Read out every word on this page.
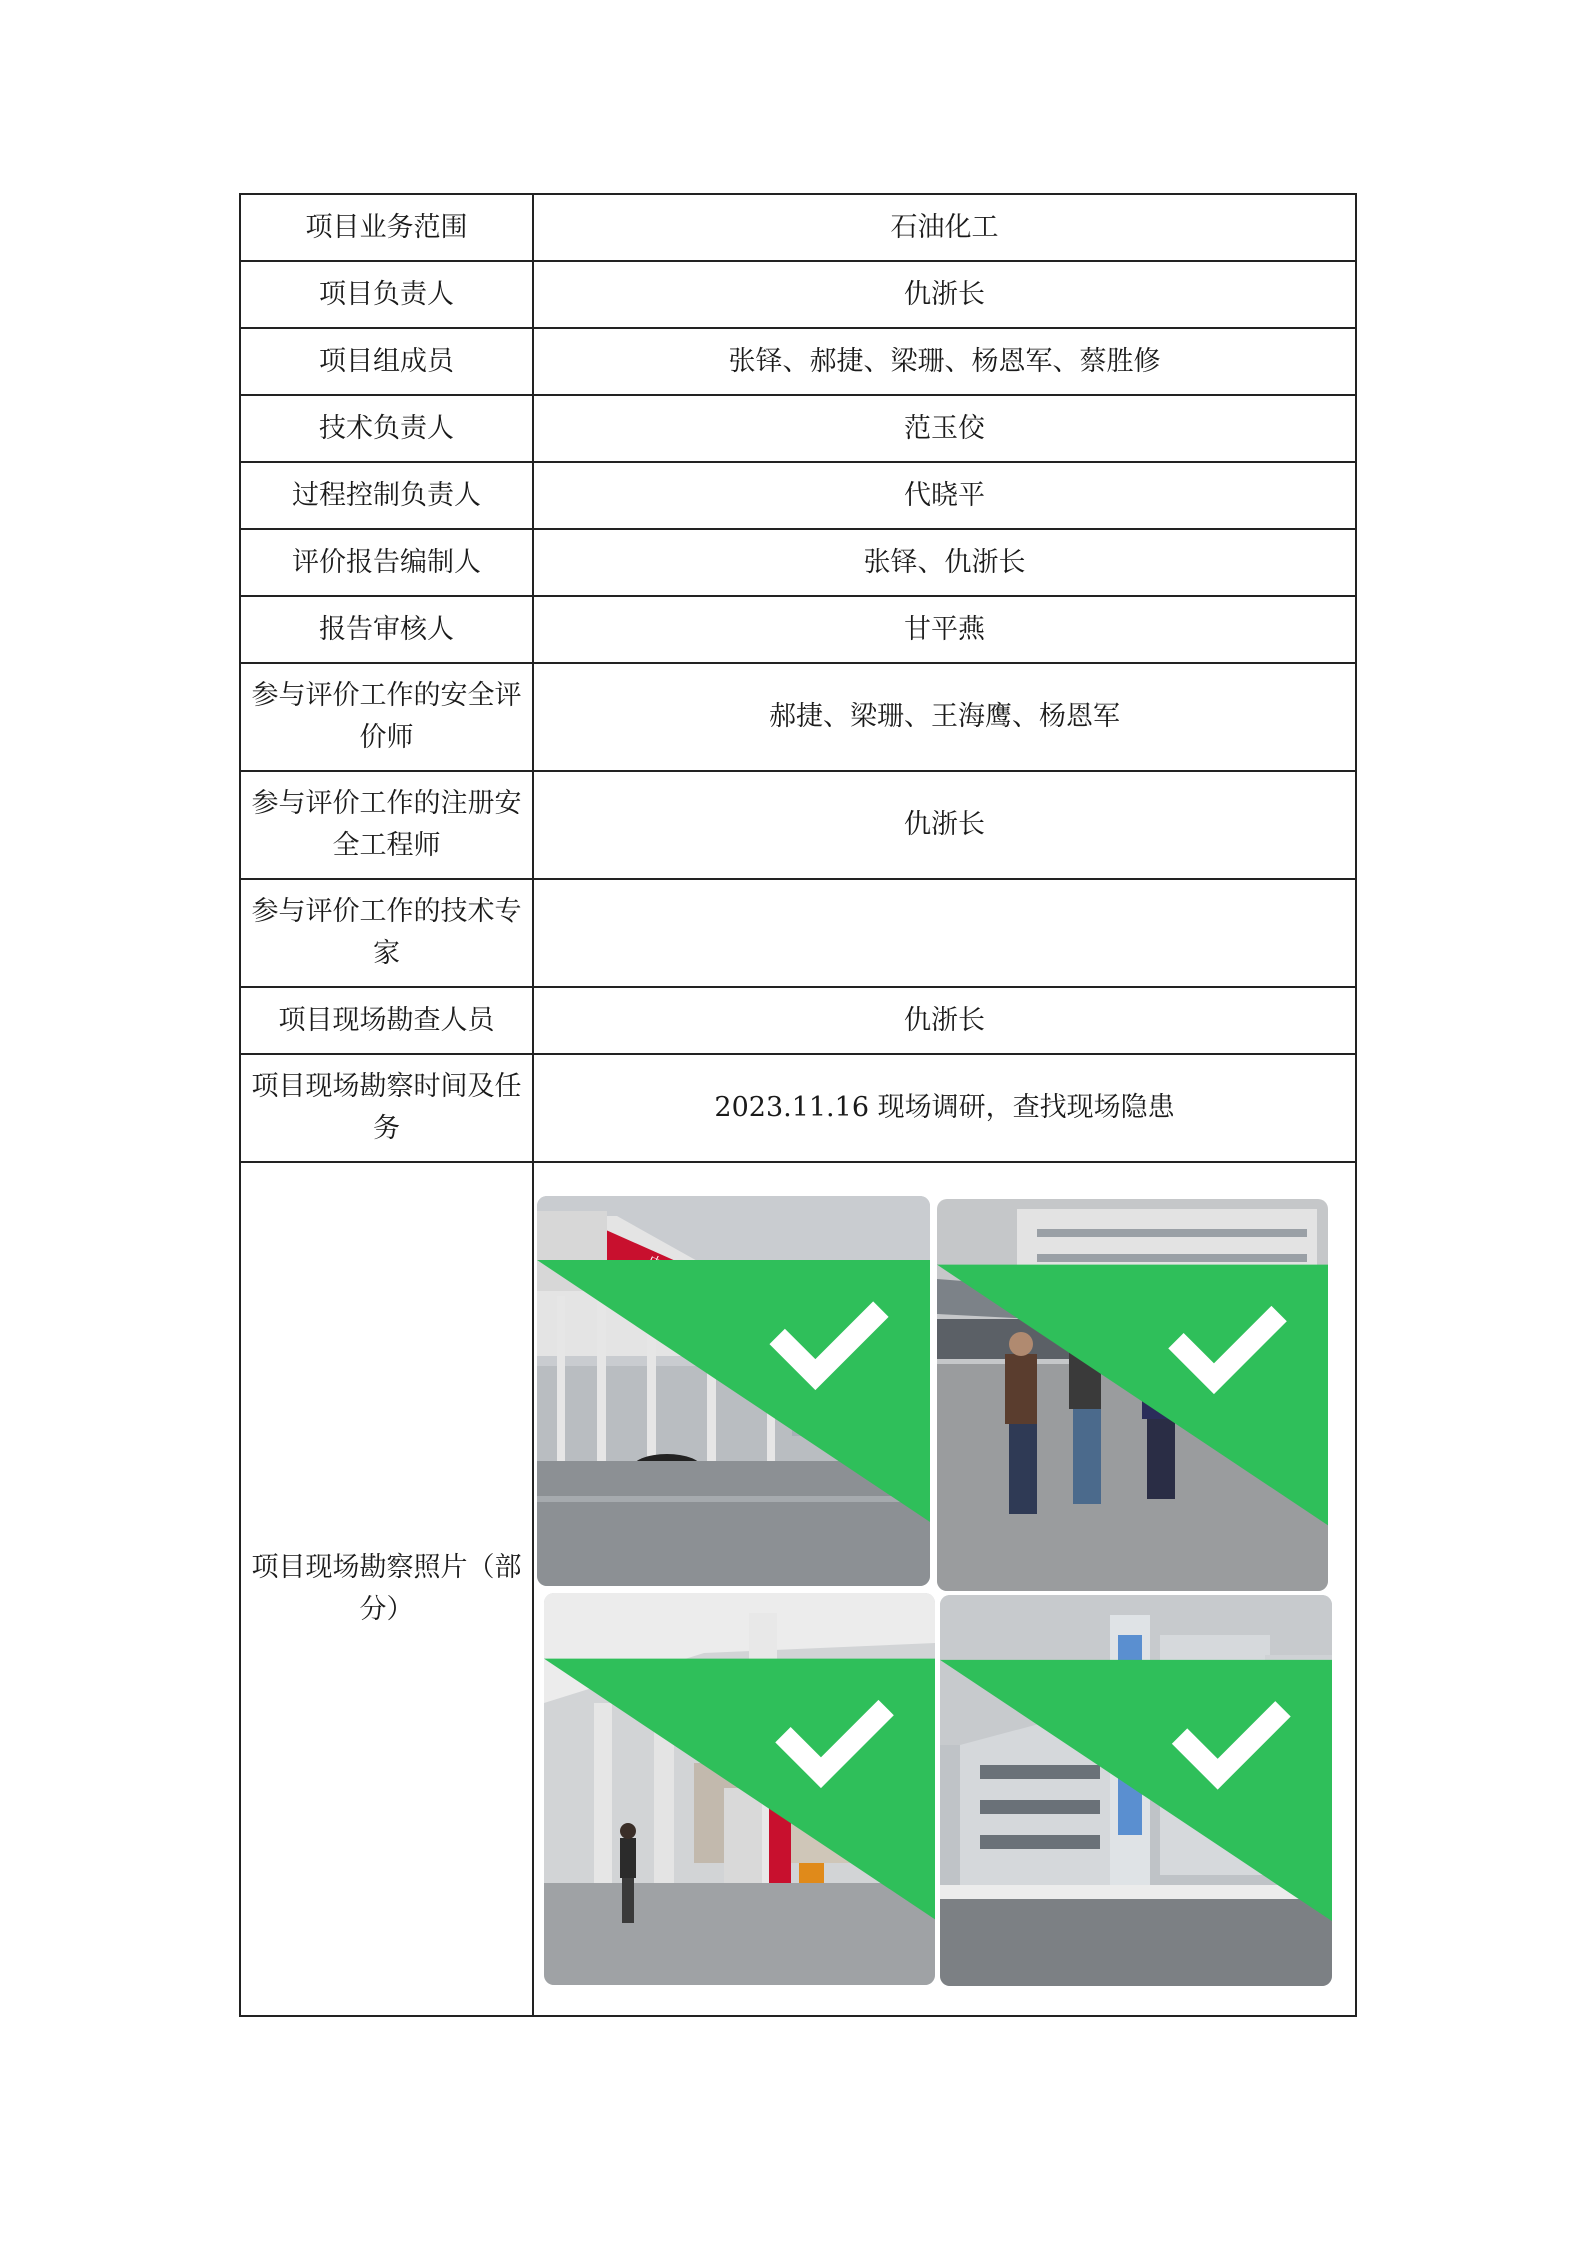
项目业务范围	石油化工
项目负责人	仇浙长
项目组成员	张铎、郝捷、梁珊、杨恩军、蔡胜修
技术负责人	范玉佼
过程控制负责人	代晓平
评价报告编制人	张铎、仇浙长
报告审核人	甘平燕
参与评价工作的安全评价师	郝捷、梁珊、王海鹰、杨恩军
参与评价工作的注册安全工程师	仇浙长
参与评价工作的技术专家	
项目现场勘查人员	仇浙长
项目现场勘察时间及任务	2023.11.16 现场调研，查找现场隐患
项目现场勘察照片（部分）	
